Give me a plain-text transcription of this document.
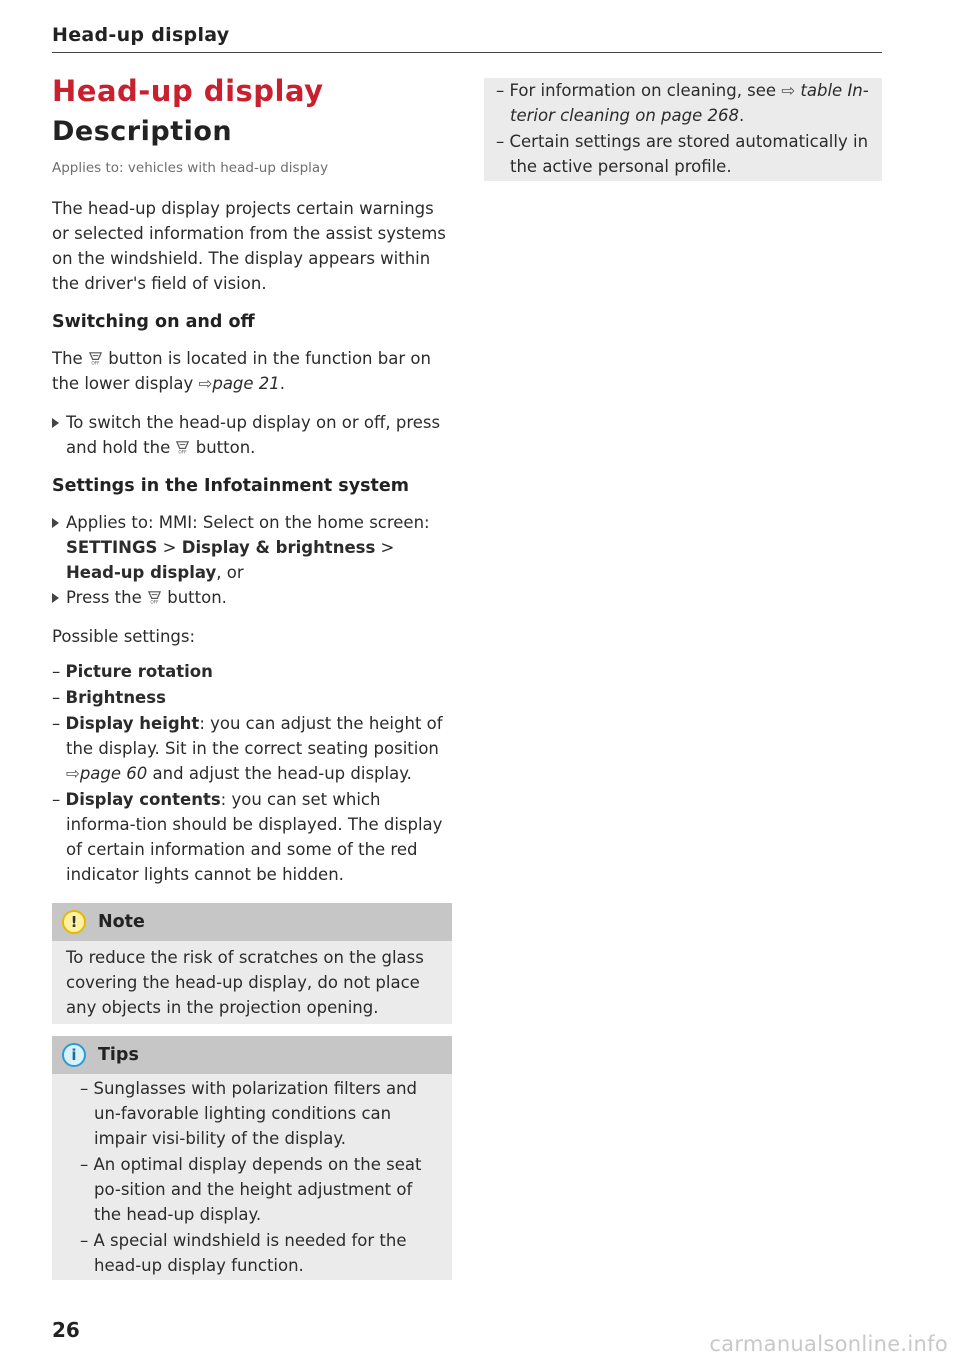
Head-up display
Head-up display
Description

Applies to: vehicles with head-up display

The head-up display projects certain warnings or selected information from the assist systems on the windshield. The display appears within the driver's field of vision.

Switching on and off

The OFF button is located in the function bar on the lower display ⇨page 21.

To switch the head-up display on or off, press and hold the OFF button.
Settings in the Infotainment system
Applies to: MMI: Select on the home screen: SETTINGS > Display & brightness > Head-up display, or
Press the OFF button.

Possible settings:

– Picture rotation
– Brightness
– Display height: you can adjust the height of the display. Sit in the correct seating position ⇨page 60 and adjust the head-up display.
– Display contents: you can set which informa-tion should be displayed. The display of certain information and some of the red indicator lights cannot be hidden.
!	Note
To reduce the risk of scratches on the glass covering the head-up display, do not place any objects in the projection opening.
i	Tips
– Sunglasses with polarization filters and un-favorable lighting conditions can impair visi-bility of the display.
– An optimal display depends on the seat po-sition and the height adjustment of the head-up display.
– A special windshield is needed for the head-up display function.
– For information on cleaning, see ⇨ table In-terior cleaning on page 268.
– Certain settings are stored automatically in the active personal profile.
26
carmanualsonline.info
